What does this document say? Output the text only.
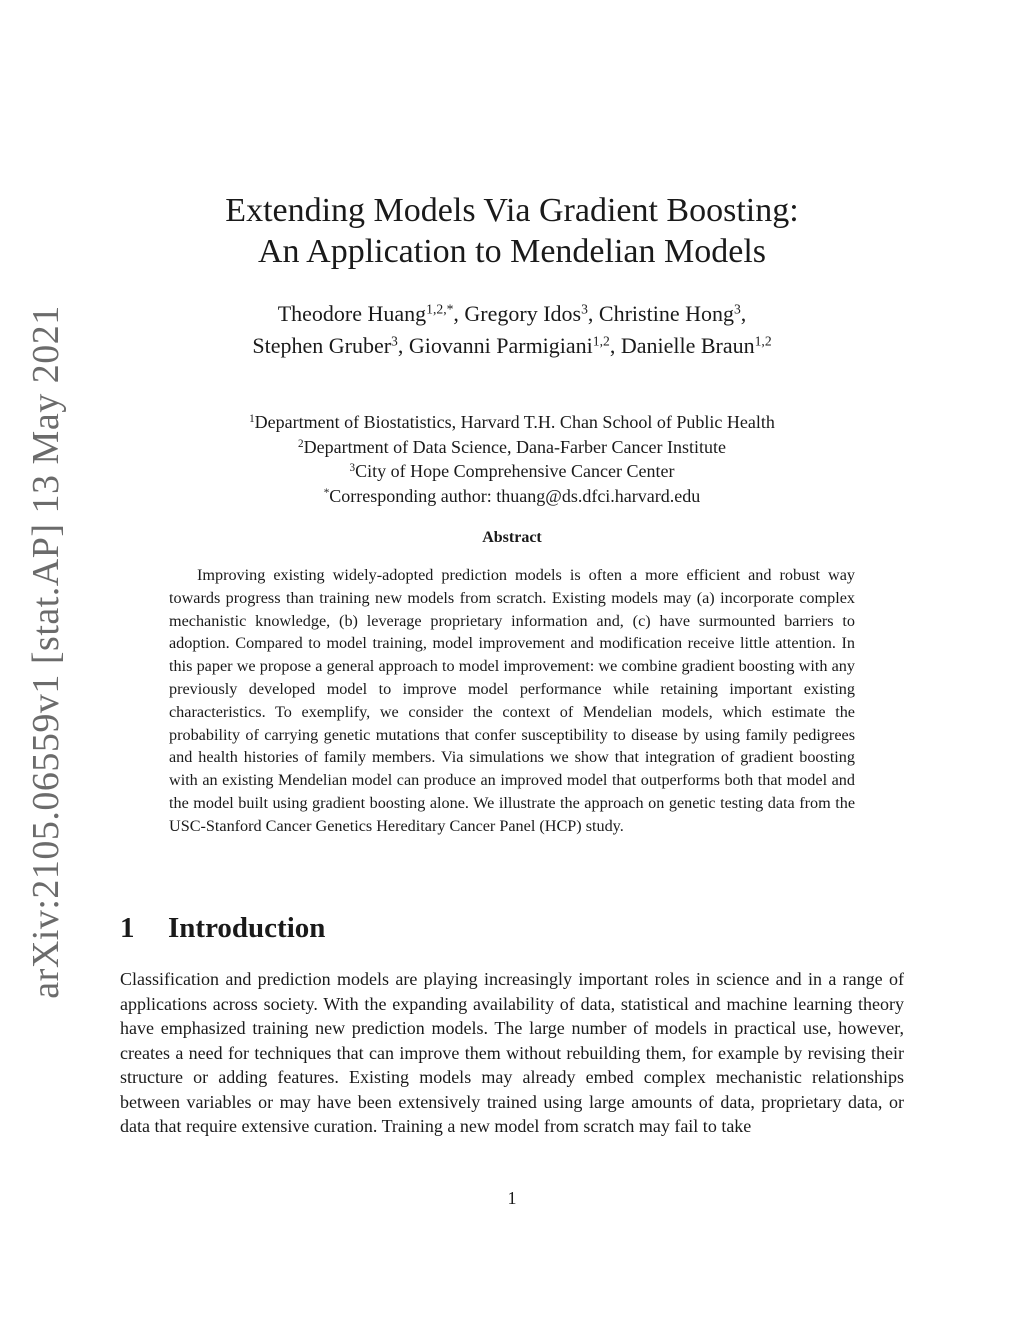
arXiv:2105.06559v1 [stat.AP] 13 May 2021
Extending Models Via Gradient Boosting:
An Application to Mendelian Models
Theodore Huang$^{1,2,*}$, Gregory Idos$^3$, Christine Hong$^3$,
Stephen Gruber$^3$, Giovanni Parmigiani$^{1,2}$, Danielle Braun$^{1,2}$
$^1$Department of Biostatistics, Harvard T.H. Chan School of Public Health
$^2$Department of Data Science, Dana-Farber Cancer Institute
$^3$City of Hope Comprehensive Cancer Center
*Corresponding author: thuang@ds.dfci.harvard.edu
Abstract
Improving existing widely-adopted prediction models is often a more efficient and robust way towards progress than training new models from scratch. Existing models may (a) incorporate complex mechanistic knowledge, (b) leverage proprietary information and, (c) have surmounted barriers to adoption. Compared to model training, model improvement and modification receive little attention. In this paper we propose a general approach to model improvement: we combine gradient boosting with any previously developed model to improve model performance while retaining important existing characteristics. To exemplify, we consider the context of Mendelian models, which estimate the probability of carrying genetic mutations that confer susceptibility to disease by using family pedigrees and health histories of family members. Via simulations we show that integration of gradient boosting with an existing Mendelian model can produce an improved model that outperforms both that model and the model built using gradient boosting alone. We illustrate the approach on genetic testing data from the USC-Stanford Cancer Genetics Hereditary Cancer Panel (HCP) study.
1 Introduction
Classification and prediction models are playing increasingly important roles in science and in a range of applications across society. With the expanding availability of data, statistical and machine learning theory have emphasized training new prediction models. The large number of models in practical use, however, creates a need for techniques that can improve them without rebuilding them, for example by revising their structure or adding features. Existing models may already embed complex mechanistic relationships between variables or may have been extensively trained using large amounts of data, proprietary data, or data that require extensive curation. Training a new model from scratch may fail to take
1
